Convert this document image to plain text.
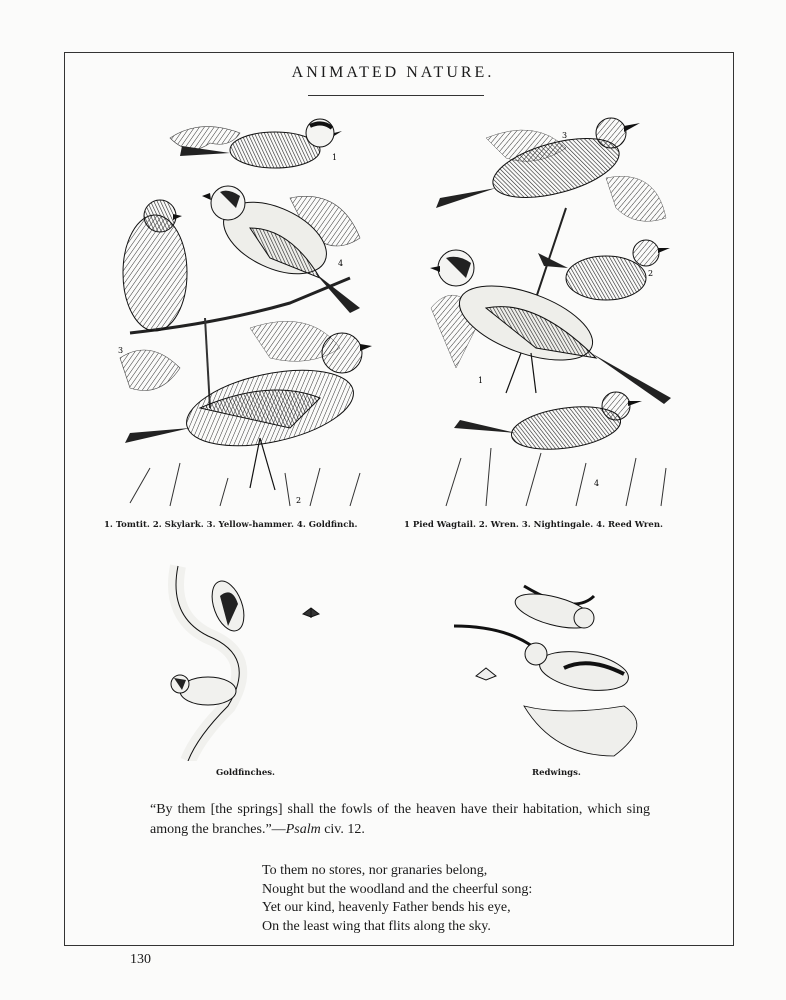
ANIMATED NATURE.
1
2
3
4
3
1
2
4
1. Tomtit. 2. Skylark. 3. Yellow-hammer. 4. Goldfinch.	1 Pied Wagtail. 2. Wren. 3. Nightingale. 4. Reed Wren.
Goldfinches.	Redwings.
“By them [the springs] shall the fowls of the heaven have their habitation, which sing among the branches.”—Psalm civ. 12.
To them no stores, nor granaries belong,
Nought but the woodland and the cheerful song:
Yet our kind, heavenly Father bends his eye,
On the least wing that flits along the sky.
130
